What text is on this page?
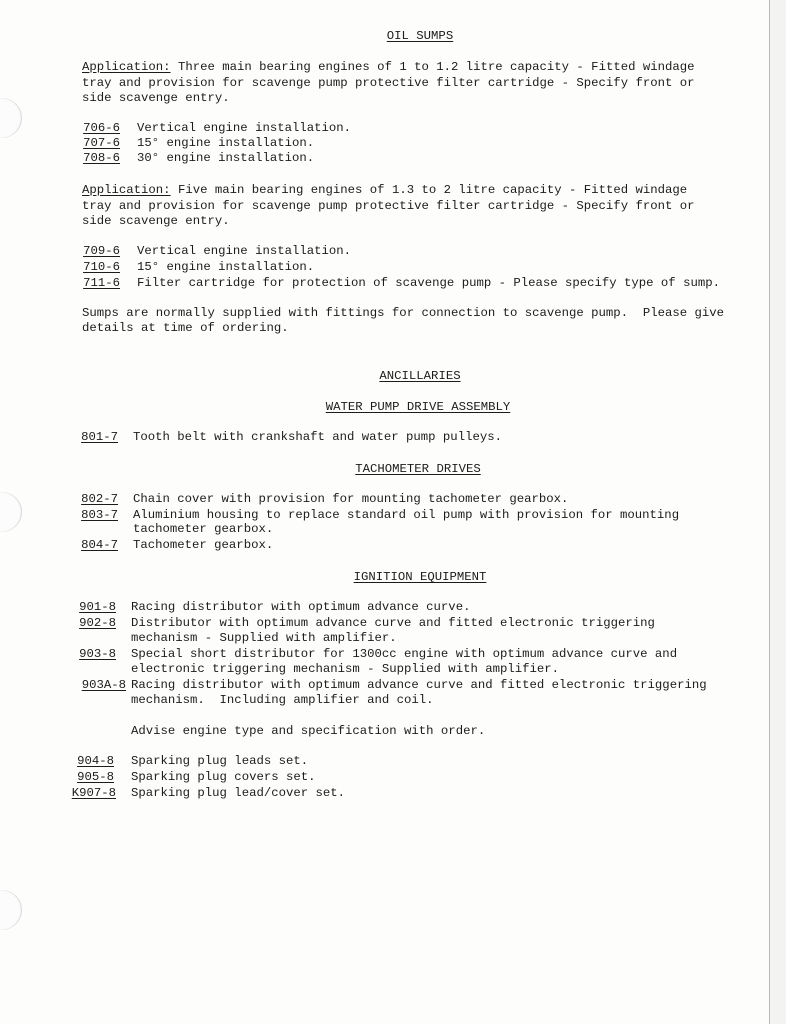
OIL SUMPS
Application: Three main bearing engines of 1 to 1.2 litre capacity - Fitted windage
tray and provision for scavenge pump protective filter cartridge - Specify front or
side scavenge entry.
706-6 Vertical engine installation.
707-6 15° engine installation.
708-6 30° engine installation.
Application: Five main bearing engines of 1.3 to 2 litre capacity - Fitted windage
tray and provision for scavenge pump protective filter cartridge - Specify front or
side scavenge entry.
709-6 Vertical engine installation.
710-6 15° engine installation.
711-6 Filter cartridge for protection of scavenge pump - Please specify type of sump.
Sumps are normally supplied with fittings for connection to scavenge pump.  Please give
details at time of ordering.
ANCILLARIES
WATER PUMP DRIVE ASSEMBLY
801-7 Tooth belt with crankshaft and water pump pulleys.
TACHOMETER DRIVES
802-7 Chain cover with provision for mounting tachometer gearbox.
803-7 Aluminium housing to replace standard oil pump with provision for mounting
tachometer gearbox.
804-7 Tachometer gearbox.
IGNITION EQUIPMENT
901-8 Racing distributor with optimum advance curve.
902-8 Distributor with optimum advance curve and fitted electronic triggering
mechanism - Supplied with amplifier.
903-8 Special short distributor for 1300cc engine with optimum advance curve and
electronic triggering mechanism - Supplied with amplifier.
903A-8 Racing distributor with optimum advance curve and fitted electronic triggering
mechanism.  Including amplifier and coil.
Advise engine type and specification with order.
904-8 Sparking plug leads set.
905-8 Sparking plug covers set.
K907-8 Sparking plug lead/cover set.
